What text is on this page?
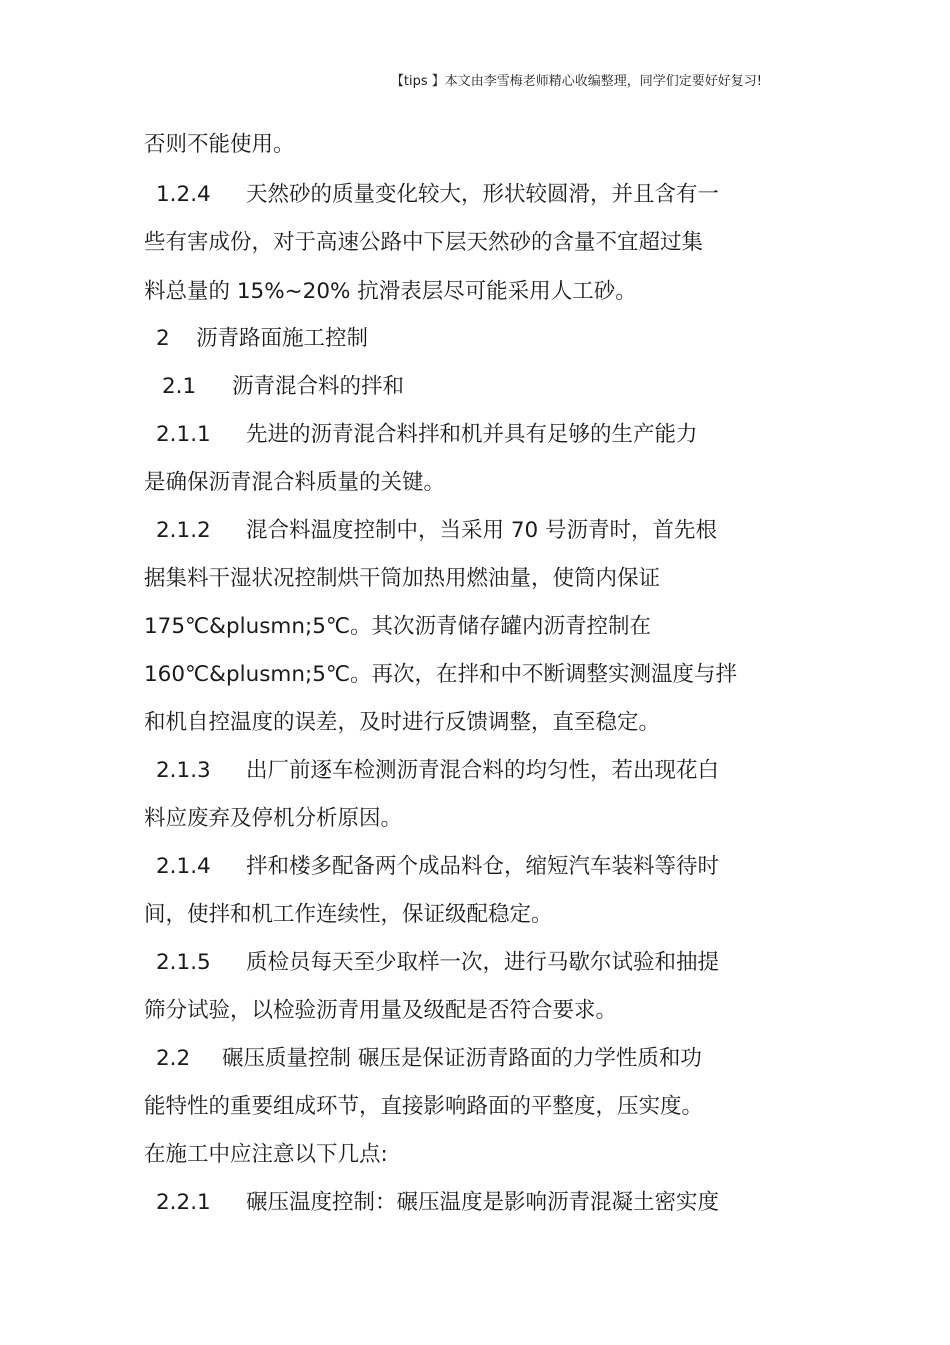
【tips 】本文由李雪梅老师精心收编整理，同学们定要好好复习!
否则不能使用。
1.2.4 天然砂的质量变化较大，形状较圆滑，并且含有一
些有害成份，对于高速公路中下层天然砂的含量不宜超过集
料总量的 15%~20% 抗滑表层尽可能采用人工砂。
2 沥青路面施工控制
2.1 沥青混合料的拌和
2.1.1 先进的沥青混合料拌和机并具有足够的生产能力
是确保沥青混合料质量的关键。
2.1.2 混合料温度控制中，当采用 70 号沥青时，首先根
据集料干湿状况控制烘干筒加热用燃油量，使筒内保证
175℃&plusmn;5℃。其次沥青储存罐内沥青控制在
160℃&plusmn;5℃。再次，在拌和中不断调整实测温度与拌
和机自控温度的误差，及时进行反馈调整，直至稳定。
2.1.3 出厂前逐车检测沥青混合料的均匀性，若出现花白
料应废弃及停机分析原因。
2.1.4 拌和楼多配备两个成品料仓，缩短汽车装料等待时
间，使拌和机工作连续性，保证级配稳定。
2.1.5 质检员每天至少取样一次，进行马歇尔试验和抽提
筛分试验，以检验沥青用量及级配是否符合要求。
2.2 碾压质量控制 碾压是保证沥青路面的力学性质和功
能特性的重要组成环节，直接影响路面的平整度，压实度。
在施工中应注意以下几点:
2.2.1 碾压温度控制：碾压温度是影响沥青混凝土密实度
